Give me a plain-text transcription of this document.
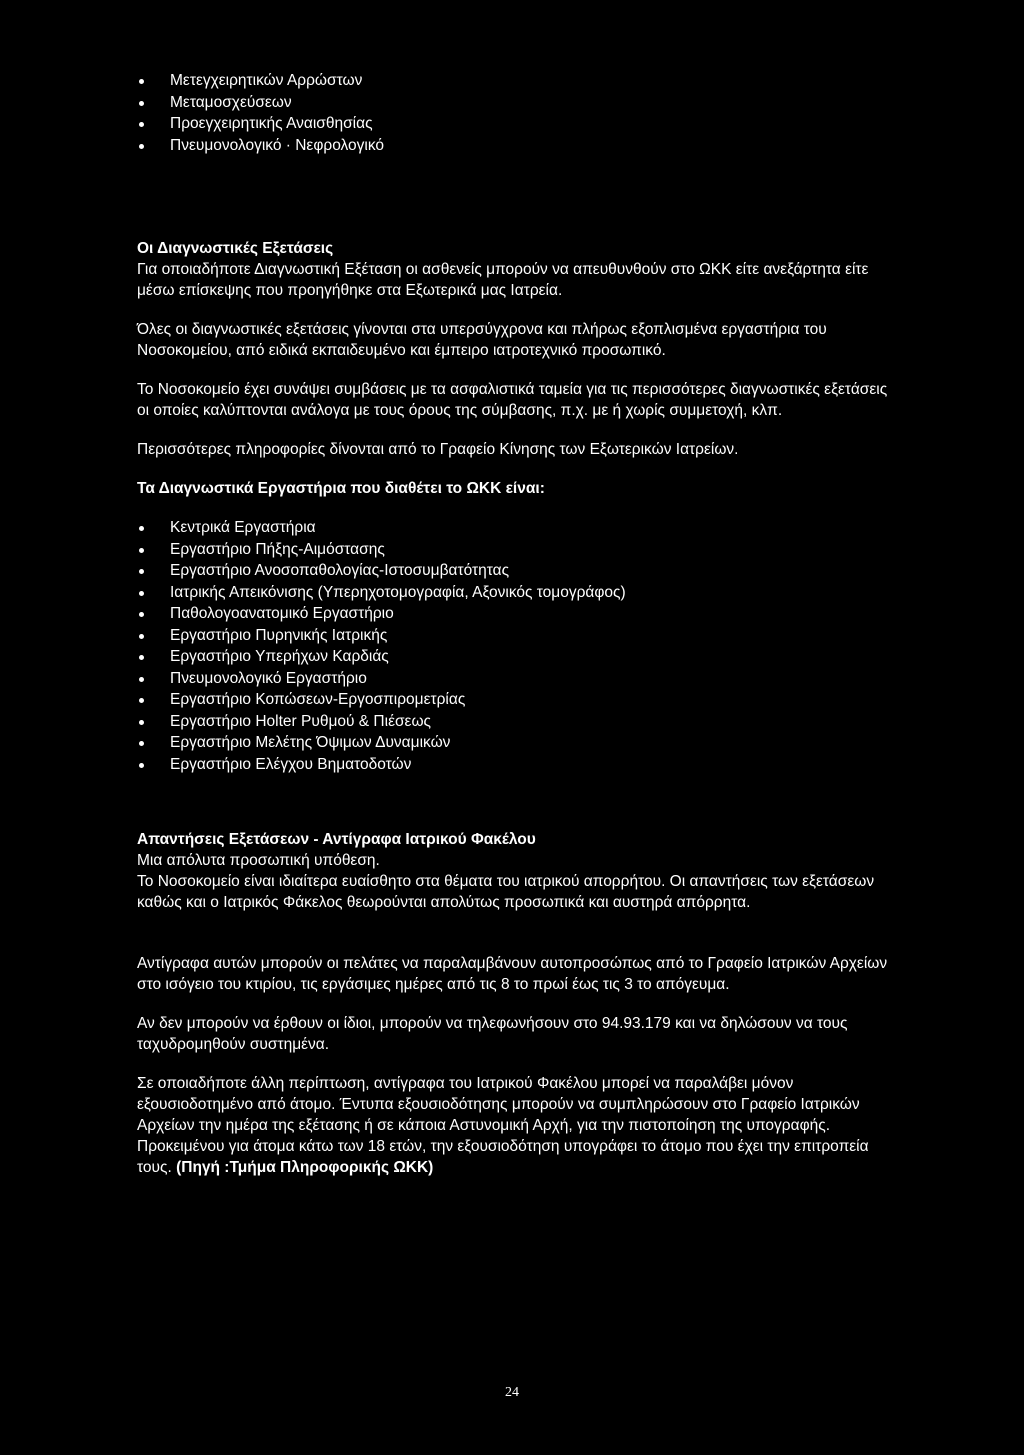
Μετεγχειρητικών Αρρώστων
Μεταμοσχεύσεων
Προεγχειρητικής Αναισθησίας
Πνευμονολογικό · Νεφρολογικό

Οι Διαγνωστικές Εξετάσεις

Για οποιαδήποτε Διαγνωστική Εξέταση οι ασθενείς μπορούν να απευθυνθούν στο ΩΚΚ είτε ανεξάρτητα είτε μέσω επίσκεψης που προηγήθηκε στα Εξωτερικά μας Ιατρεία.

Όλες οι διαγνωστικές εξετάσεις γίνονται στα υπερσύγχρονα και πλήρως εξοπλισμένα εργαστήρια του Νοσοκομείου, από ειδικά εκπαιδευμένο και έμπειρο ιατροτεχνικό προσωπικό.

Το Νοσοκομείο έχει συνάψει συμβάσεις με τα ασφαλιστικά ταμεία για τις περισσότερες διαγνωστικές εξετάσεις οι οποίες καλύπτονται ανάλογα με τους όρους της σύμβασης, π.χ. με ή χωρίς συμμετοχή, κλπ.

Περισσότερες πληροφορίες δίνονται από το Γραφείο Κίνησης των Εξωτερικών Ιατρείων.

Τα Διαγνωστικά Εργαστήρια που διαθέτει το ΩΚΚ είναι:

Κεντρικά Εργαστήρια
Εργαστήριο Πήξης-Αιμόστασης
Εργαστήριο Ανοσοπαθολογίας-Ιστοσυμβατότητας
Ιατρικής Απεικόνισης (Υπερηχοτομογραφία, Αξονικός τομογράφος)
Παθολογοανατομικό Εργαστήριο
Εργαστήριο Πυρηνικής Ιατρικής
Εργαστήριο Υπερήχων Καρδιάς
Πνευμονολογικό Εργαστήριο
Εργαστήριο Κοπώσεων-Εργοσπιρομετρίας
Εργαστήριο Holter Ρυθμού & Πιέσεως
Εργαστήριο Μελέτης Όψιμων Δυναμικών
Εργαστήριο Ελέγχου Βηματοδοτών

Απαντήσεις Εξετάσεων - Αντίγραφα Ιατρικού Φακέλου

Μια απόλυτα προσωπική υπόθεση.

Το Νοσοκομείο είναι ιδιαίτερα ευαίσθητο στα θέματα του ιατρικού απορρήτου. Οι απαντήσεις των εξετάσεων καθώς και ο Ιατρικός Φάκελος θεωρούνται απολύτως προσωπικά και αυστηρά απόρρητα.

Αντίγραφα αυτών μπορούν οι πελάτες να παραλαμβάνουν αυτοπροσώπως από το Γραφείο Ιατρικών Αρχείων στο ισόγειο του κτιρίου, τις εργάσιμες ημέρες από τις 8 το πρωί έως τις 3 το απόγευμα.

Αν δεν μπορούν να έρθουν οι ίδιοι, μπορούν να τηλεφωνήσουν στο 94.93.179 και να δηλώσουν να τους ταχυδρομηθούν συστημένα.

Σε οποιαδήποτε άλλη περίπτωση, αντίγραφα του Ιατρικού Φακέλου μπορεί να παραλάβει μόνον εξουσιοδοτημένο από άτομο. Έντυπα εξουσιοδότησης μπορούν να συμπληρώσουν στο Γραφείο Ιατρικών Αρχείων την ημέρα της εξέτασης ή σε κάποια Αστυνομική Αρχή, για την πιστοποίηση της υπογραφής. Προκειμένου για άτομα κάτω των 18 ετών, την εξουσιοδότηση υπογράφει το άτομο που έχει την επιτροπεία τους. (Πηγή :Τμήμα Πληροφορικής ΩΚΚ)

24
